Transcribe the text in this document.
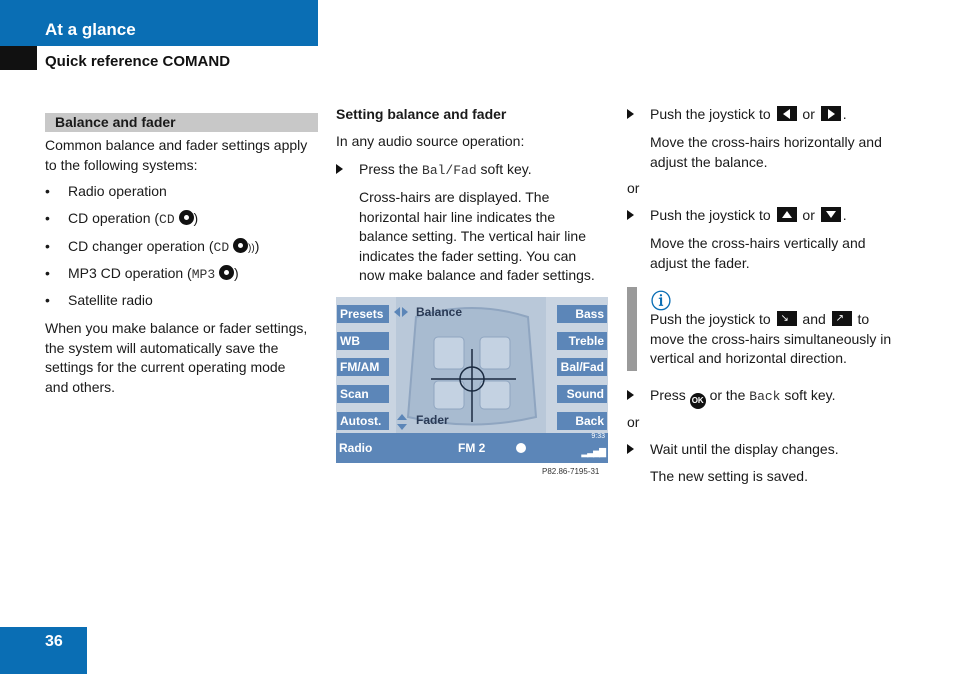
At a glance
Quick reference COMAND
Balance and fader

Common balance and fader settings apply

to the following systems:

• Radio operation
• CD operation (CD )
• CD changer operation (CD )))
• MP3 CD operation (MP3 )
• Satellite radio

When you make balance or fader settings,

the system will automatically save the

settings for the current operating mode

and others.

Setting balance and fader
In any audio source operation:
Press the Bal/Fad soft key.

Cross-hairs are displayed. The

horizontal hair line indicates the

balance setting. The vertical hair line

indicates the fader setting. You can

now make balance and fader settings.

Presets
WB
FM/AM
Scan
Autost.
Bass
Treble
Bal/Fad
Sound
Back
Balance
Fader
Radio	FM 2
9:33
▂▃▅▇
P82.86-7195-31
Push the joystick to or .

Move the cross-hairs horizontally and

adjust the balance.

or
Push the joystick to or .

Move the cross-hairs vertically and

adjust the fader.

ⓘ

Push the joystick to ↘ and ↗ to

move the cross-hairs simultaneously in

vertical and horizontal direction.

Press OK or the Back soft key.
or
Wait until the display changes.
The new setting is saved.
36
